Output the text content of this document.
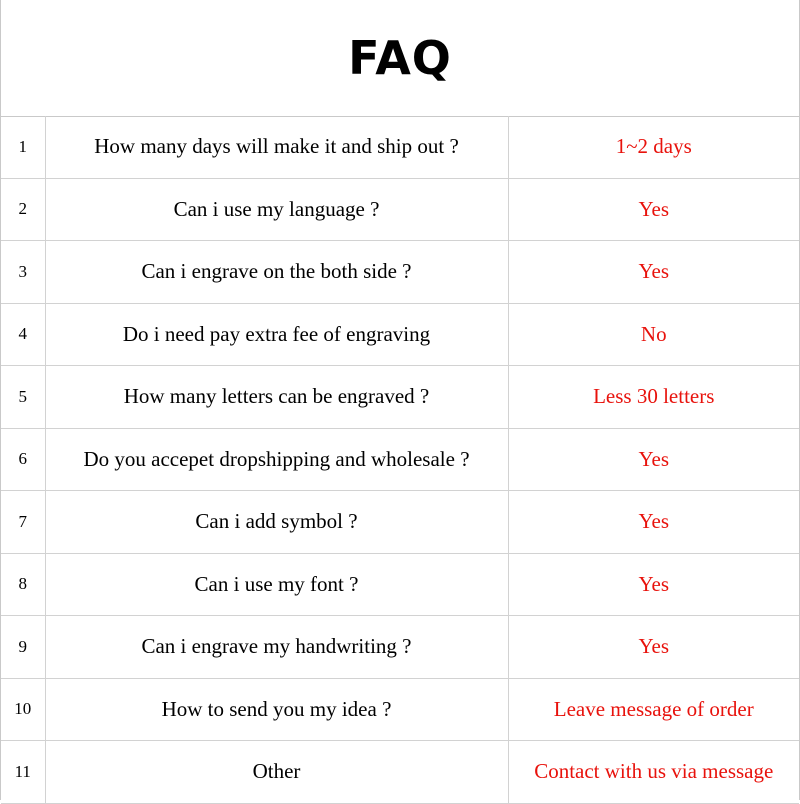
FAQ
1	How many days will make it and ship out ?	1~2 days
2	Can i use my language ?	Yes
3	Can i engrave on the both side ?	Yes
4	Do i need pay extra fee of engraving	No
5	How many letters can be engraved ?	Less 30 letters
6	Do you accepet dropshipping and wholesale ?	Yes
7	Can i add symbol ?	Yes
8	Can i use my font ?	Yes
9	Can i engrave my handwriting ?	Yes
10	How to send you my idea ?	Leave message of order
11	Other	Contact with us via message
